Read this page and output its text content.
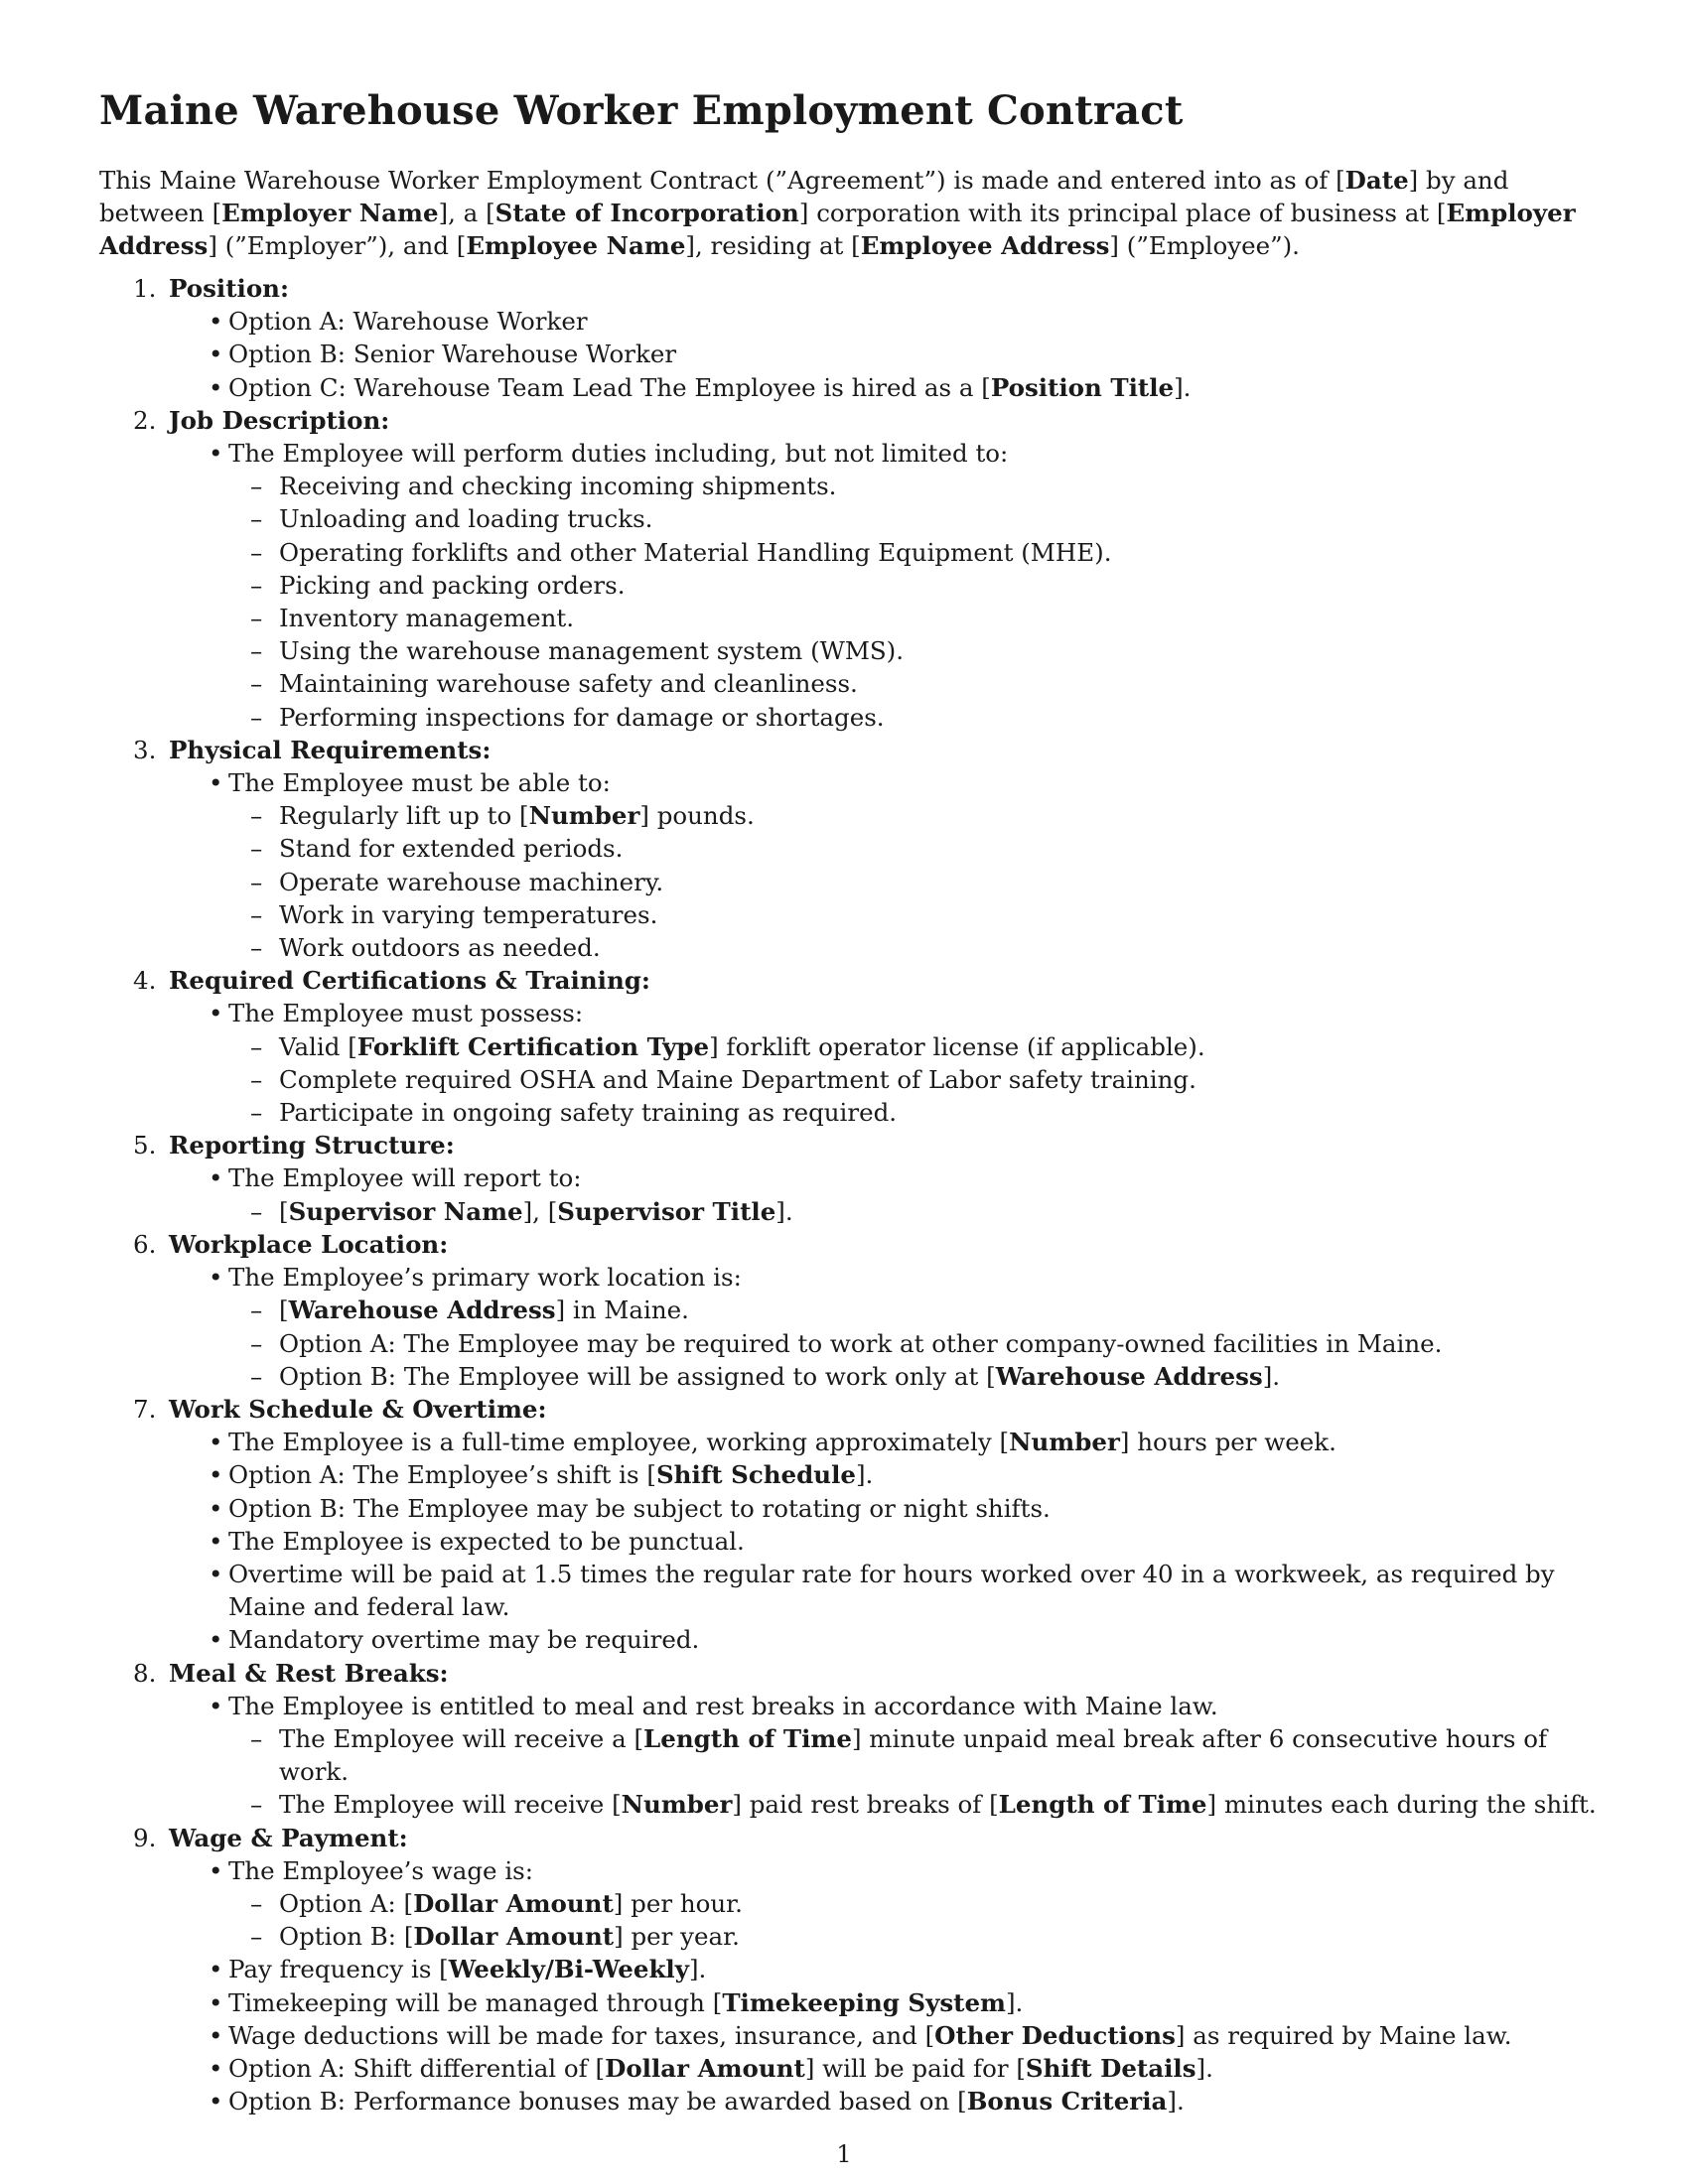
Maine Warehouse Worker Employment Contract

This Maine Warehouse Worker Employment Contract (”Agreement”) is made and entered into as of [Date] by and between [Employer Name], a [State of Incorporation] corporation with its principal place of business at [Employer Address] (”Employer”), and [Employee Name], residing at [Employee Address] (”Employee”).

1. Position:
• Option A: Warehouse Worker
• Option B: Senior Warehouse Worker
• Option C: Warehouse Team Lead The Employee is hired as a [Position Title].
2. Job Description:
• The Employee will perform duties including, but not limited to:
– Receiving and checking incoming shipments.
– Unloading and loading trucks.
– Operating forklifts and other Material Handling Equipment (MHE).
– Picking and packing orders.
– Inventory management.
– Using the warehouse management system (WMS).
– Maintaining warehouse safety and cleanliness.
– Performing inspections for damage or shortages.
3. Physical Requirements:
• The Employee must be able to:
– Regularly lift up to [Number] pounds.
– Stand for extended periods.
– Operate warehouse machinery.
– Work in varying temperatures.
– Work outdoors as needed.
4. Required Certifications & Training:
• The Employee must possess:
– Valid [Forklift Certification Type] forklift operator license (if applicable).
– Complete required OSHA and Maine Department of Labor safety training.
– Participate in ongoing safety training as required.
5. Reporting Structure:
• The Employee will report to:
– [Supervisor Name], [Supervisor Title].
6. Workplace Location:
• The Employee’s primary work location is:
– [Warehouse Address] in Maine.
– Option A: The Employee may be required to work at other company-owned facilities in Maine.
– Option B: The Employee will be assigned to work only at [Warehouse Address].
7. Work Schedule & Overtime:
• The Employee is a full-time employee, working approximately [Number] hours per week.
• Option A: The Employee’s shift is [Shift Schedule].
• Option B: The Employee may be subject to rotating or night shifts.
• The Employee is expected to be punctual.
• Overtime will be paid at 1.5 times the regular rate for hours worked over 40 in a workweek, as required by Maine and federal law.
• Mandatory overtime may be required.
8. Meal & Rest Breaks:
• The Employee is entitled to meal and rest breaks in accordance with Maine law.
– The Employee will receive a [Length of Time] minute unpaid meal break after 6 consecutive hours of work.
– The Employee will receive [Number] paid rest breaks of [Length of Time] minutes each during the shift.
9. Wage & Payment:
• The Employee’s wage is:
– Option A: [Dollar Amount] per hour.
– Option B: [Dollar Amount] per year.
• Pay frequency is [Weekly/Bi-Weekly].
• Timekeeping will be managed through [Timekeeping System].
• Wage deductions will be made for taxes, insurance, and [Other Deductions] as required by Maine law.
• Option A: Shift differential of [Dollar Amount] will be paid for [Shift Details].
• Option B: Performance bonuses may be awarded based on [Bonus Criteria].
1
